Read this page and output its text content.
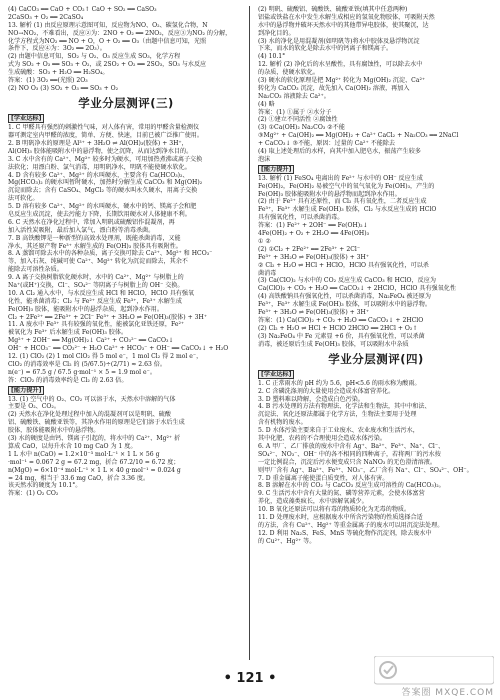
(4) CaCO₃ ══ CaO + CO₂↑ CaO + SO₂ ══ CaSO₃

2CaSO₃ + O₂ ══ 2CaSO₄

13. 解析 (1) 由反应原理示意图可知，反应物为NO、O₂、碳氢化合物，N

NO→NO₂，不难看出，反应②为：2NO + O₂ ══ 2NO₂，反应③为NO₂ 的分解，

化学方程式为NO₂ ══ NO + O，O + O₂ ══ O₃（由题中信息可知，光照

条件下，反应④为：3O₂ ══ 2O₃）。

(2) 由题中信息可知，SO₂ 与 O₂、O₃ 反应生成 SO₃，化学方程

式为 SO₂ + O₃ ══ SO₃ + O₂，或 2SO₂ + O₂ ══ 2SO₃，SO₃ 与水反应

生成硫酸：SO₃ + H₂O ══ H₂SO₄。

答案：(1) 3O₂ ══(光照) 2O₃

(2) NO O₃ (3) SO₂ + O₃ ══ SO₃ + O₂

学业分层测评(三)
[学业达标]

1. C 甲醛具有强烈的刺激性气味，对人体有害，常用的甲醛含量检测仪

器可测定室内甲醛的浓度，简单、方便、快速，目前已被广泛推广使用。

2. B 明矾净水的原理是 Al³⁺ + 3H₂O ⇌ Al(OH)₃(胶体) + 3H⁺，

Al(OH)₃ 胶体能吸附水中的悬浮物，使之沉降，从而达到净水目的。

3. C 水中含有的 Ca²⁺、Mg²⁺ 较多时为硬水，可用加热煮沸或离子交换

法软化；用漂白粉、氯气消毒，用明矾净水，明矾不能使硬水软化。

4. D 含有较多 Ca²⁺、Mg²⁺ 的水叫硬水，主要含有 Ca(HCO₃)₂、

Mg(HCO₃)₂ 的硬水叫暂时硬水，加热时分解生成 CaCO₃ 和 Mg(OH)₂

沉淀而除去；含有 CaSO₄、MgCl₂ 等的硬水叫永久硬水，用离子交换

法可软化。

5. D 溶有较多 Ca²⁺、Mg²⁺ 的水叫硬水，硬水中的钙、镁离子会和肥

皂反应生成沉淀，使去污能力下降，长期饮用硬水对人体健康不利。

6. C 天然水在净化过程中，常加入明矾或硫酸铝作混凝剂，再

加入活性炭吸附，最后加入氯气、漂白粉等消毒杀菌。

7. B 高铁酸钾是一种新型的高效水处理剂，既能杀菌消毒，又能

净水，其还原产物 Fe³⁺ 水解生成的 Fe(OH)₃ 胶体具有吸附性。

8. A 蒸馏可除去水中的各种杂质，离子交换可除去 Ca²⁺、Mg²⁺ 和 HCO₃⁻

等，加入石灰、纯碱可使 Ca²⁺、Mg²⁺ 转化为沉淀而除去，其余不

能除去可溶性杂质。

9. A 离子交换树脂软化硬水时，水中的 Ca²⁺、Mg²⁺ 与树脂上的

Na⁺(或H⁺)交换，Cl⁻、SO₄²⁻ 等阴离子与树脂上的 OH⁻ 交换。

10. A Cl₂ 通入水中，与水反应生成 HCl 和 HClO，HClO 具有强氧

化性，能杀菌消毒；Cl₂ 与 Fe²⁺ 反应生成 Fe³⁺，Fe³⁺ 水解生成

Fe(OH)₃ 胶体，能吸附水中的悬浮杂质，起到净水作用。

Cl₂ + 2Fe²⁺ ══ 2Fe³⁺ + 2Cl⁻ Fe³⁺ + 3H₂O ⇌ Fe(OH)₃(胶体) + 3H⁺

11. A 废水中 Fe³⁺ 具有较强的氧化性，能被氯化亚铁还原，Fe²⁺

被氧化为 Fe³⁺ 后水解生成 Fe(OH)₃ 胶体。

Mg²⁺ + 2OH⁻ ══ Mg(OH)₂↓ Ca²⁺ + CO₃²⁻ ══ CaCO₃↓

OH⁻ + HCO₃⁻ ══ CO₃²⁻ + H₂O Ca²⁺ + HCO₃⁻ + OH⁻ ══ CaCO₃↓ + H₂O

12. (1) ClO₂ (2) 1 mol ClO₂ 得 5 mol e⁻，1 mol Cl₂ 得 2 mol e⁻，

ClO₂ 的消毒效率是 Cl₂ 的 (5/67.5)÷(2/71) ≈ 2.63 倍。

n(e⁻) = 67.5 g / 67.5 g·mol⁻¹ × 5 = 1.9 mol e⁻。

答：ClO₂ 的消毒效率约是 Cl₂ 的 2.63 倍。

[能力提升]

13. (1) 空气中的 O₂、CO₂ 可以溶于水，天然水中溶解的气体

主要是 O₂、CO₂。

(2) 天然水在净化处理过程中加入的混凝剂可以是明矾、硫酸

铝、硫酸铁、硫酸亚铁等，其净水作用的原理是它们溶于水后生成

胶体，胶体能吸附水中的悬浮物。

(3) 水的硬度是由钙、镁离子引起的，将水中的 Ca²⁺、Mg²⁺ 折

算成 CaO，以每升水含 10 mg CaO 为 1 度。

1 L 水中 n(CaO) = 1.2×10⁻³ mol·L⁻¹ × 1 L × 56 g

·mol⁻¹ = 0.067 2 g = 67.2 mg，折合 67.2/10 = 6.72 度；

n(MgO) = 6×10⁻⁴ mol·L⁻¹ × 1 L × 40 g·mol⁻¹ = 0.024 g

= 24 mg，相当于 33.6 mg CaO，折合 3.36 度。

该天然水的硬度为 10.1°。

答案：(1) O₂ CO₂

(2) 明矾、硫酸铝、硫酸铁、硫酸亚铁(填其中任意两种)

铝盐或铁盐在水中发生水解生成相应的氢氧化物胶体，可吸附天然

水中的悬浮物并破坏天然水中的其他带异电胶体，使其聚沉，达

到净化目的。

(3) 水的净化是用混凝剂(如明矾等)将水中胶体及悬浮物沉淀

下来，而水的软化是除去水中的钙离子和镁离子。

(4) 10.1°

12. 解析 (2) 净化后的水呈酸性，具有腐蚀性，可以除去水中

的杂质，使硬水软化。

(3) 硬水的软化原理是把 Mg²⁺ 转化为 Mg(OH)₂ 沉淀、Ca²⁺

转化为 CaCO₃ 沉淀，故先加入 Ca(OH)₂ 溶液，再加入

Na₂CO₃ 溶液除去 Ca²⁺。

(4) 略

答案：(1) ①属于 ②水分子

(2) ①建立不同活性 ②腐蚀性

(3) ①Ca(OH)₂ Na₂CO₃ ②不能

③Mg²⁺ + Ca(OH)₂ ══ Mg(OH)₂ + Ca²⁺ CaCl₂ + Na₂CO₃ ══ 2NaCl

+ CaCO₃↓ ③不能，原因：过量的 Ca²⁺ 不能除去

(4) 取上述处理后的水样，向其中加入肥皂水，振荡产生较多

泡沫

[能力提升]

13. 解析 (1) FeSO₄ 电离出的 Fe²⁺ 与水中的 OH⁻ 反应生成

Fe(OH)₂，Fe(OH)₂ 易被空气中的氧气氧化为 Fe(OH)₃，产生的

Fe(OH)₃ 胶体能吸附水中的悬浮物而起到净水作用。

(2) 由于 Fe²⁺ 具有还原性，而 Cl₂ 具有氧化性，二者反应生成

Fe³⁺，Fe³⁺ 水解生成 Fe(OH)₃ 胶体，Cl₂ 与水反应生成的 HClO

具有强氧化性，可以杀菌消毒。

答案：(1) Fe²⁺ + 2OH⁻ ══ Fe(OH)₂↓

4Fe(OH)₂ + O₂ + 2H₂O ══ 4Fe(OH)₃

① ②

(2) ①Cl₂ + 2Fe²⁺ ══ 2Fe³⁺ + 2Cl⁻

Fe³⁺ + 3H₂O ⇌ Fe(OH)₃(胶体) + 3H⁺

② Cl₂ + H₂O ⇌ HCl + HClO，HClO 具有强氧化性，可以杀

菌消毒

(3) Ca(ClO)₂ 与水中的 CO₂ 反应生成 CaCO₃ 和 HClO，反应为

Ca(ClO)₂ + CO₂ + H₂O ══ CaCO₃↓ + 2HClO，HClO 具有强氧化性

(4) 高铁酸钠具有强氧化性，可以杀菌消毒，Na₂FeO₄ 被还原为

Fe³⁺，Fe³⁺ 水解生成 Fe(OH)₃ 胶体，可以吸附水中的悬浮物。

Fe³⁺ + 3H₂O ⇌ Fe(OH)₃(胶体) + 3H⁺

答案：(1) Ca(ClO)₂ + CO₂ + H₂O ══ CaCO₃↓ + 2HClO

(2) Cl₂ + H₂O ⇌ HCl + HClO 2HClO ══ 2HCl + O₂↑

(3) Na₂FeO₄ 中 Fe 元素显 +6 价，具有强氧化性，可以杀菌

消毒，被还原后生成 Fe(OH)₃ 胶体，可以吸附水中杂质

学业分层测评(四)
[学业达标]

1. C 正常雨水的 pH 约为 5.6，pH<5.6 的雨水称为酸雨。

2. C 含磷洗涤剂的大量使用会造成水体富营养化。

3. D 塑料难以降解，会造成白色污染。

4. B 污水处理的方法有物理法、化学法和生物法，其中中和法、

沉淀法、氧化还原法都属于化学方法，生物法主要用于处理

含有机物的废水。

5. D 水体污染主要来自于工业废水、农业废水和生活污水，

其中化肥、农药的不合理使用会造成水体污染。

6. A 甲厂、乙厂排放的废水中含有 Ag⁺、Ba²⁺、Fe³⁺、Na⁺、Cl⁻、

SO₄²⁻、NO₃⁻、OH⁻ 中的各不相同的四种离子，若将两厂的污水按

一定比例混合，沉淀后污水便变成只含 NaNO₃ 的无色澄清溶液。

则甲厂含有 Ag⁺、Ba²⁺、Fe³⁺、NO₃⁻，乙厂含有 Na⁺、Cl⁻、SO₄²⁻、OH⁻。

7. D 重金属离子能使蛋白质变性，对人体有害。

8. B 溶解在水中的 CO₂ 与 CaCO₃ 反应生成可溶性的 Ca(HCO₃)₂。

9. C 生活污水中含有大量的氮、磷等营养元素，会使水体富营

养化，造成藻类疯长，水中溶解氧减少。

10. B 氧化还原法可以将有毒的物质转化为无毒的物质。

11. D 处理废水时，应根据废水中所含污染物的性质选择合适

的方法，含有 Cu²⁺、Hg²⁺ 等重金属离子的废水可以用沉淀法处理。

12. D 利用 Na₂S、FeS、MnS 等硫化物作沉淀剂，除去废水中

的 Cu²⁺、Hg²⁺ 等。

• 121 •
答案圈 MXQE.COM
